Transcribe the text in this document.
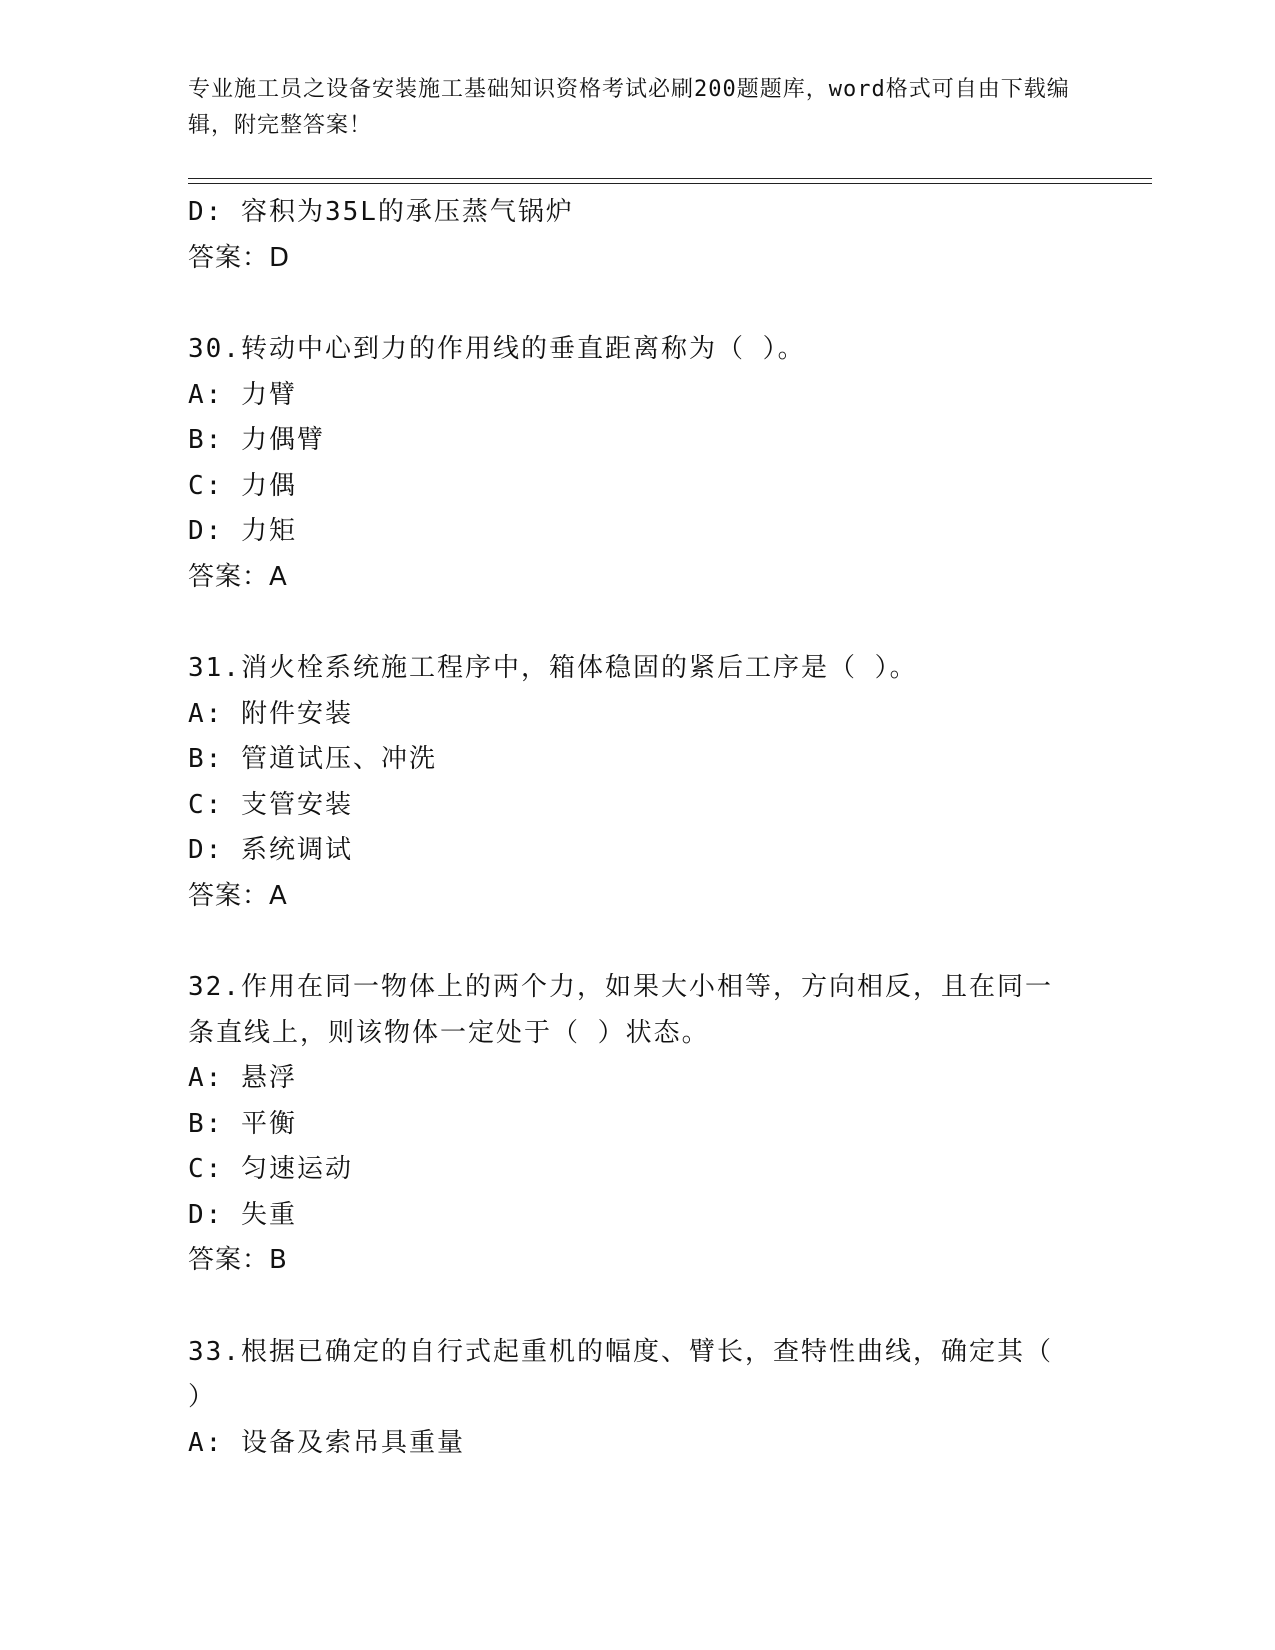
专业施工员之设备安装施工基础知识资格考试必刷200题题库，word格式可自由下载编辑，附完整答案！
D: 容积为35L的承压蒸气锅炉
答案：D
30.转动中心到力的作用线的垂直距离称为（ ）。
A: 力臂
B: 力偶臂
C: 力偶
D: 力矩
答案：A
31.消火栓系统施工程序中，箱体稳固的紧后工序是（ ）。
A: 附件安装
B: 管道试压、冲洗
C: 支管安装
D: 系统调试
答案：A
32.作用在同一物体上的两个力，如果大小相等，方向相反，且在同一条直线上，则该物体一定处于（ ）状态。
A: 悬浮
B: 平衡
C: 匀速运动
D: 失重
答案：B
33.根据已确定的自行式起重机的幅度、臂长，查特性曲线，确定其（ ）
A: 设备及索吊具重量
